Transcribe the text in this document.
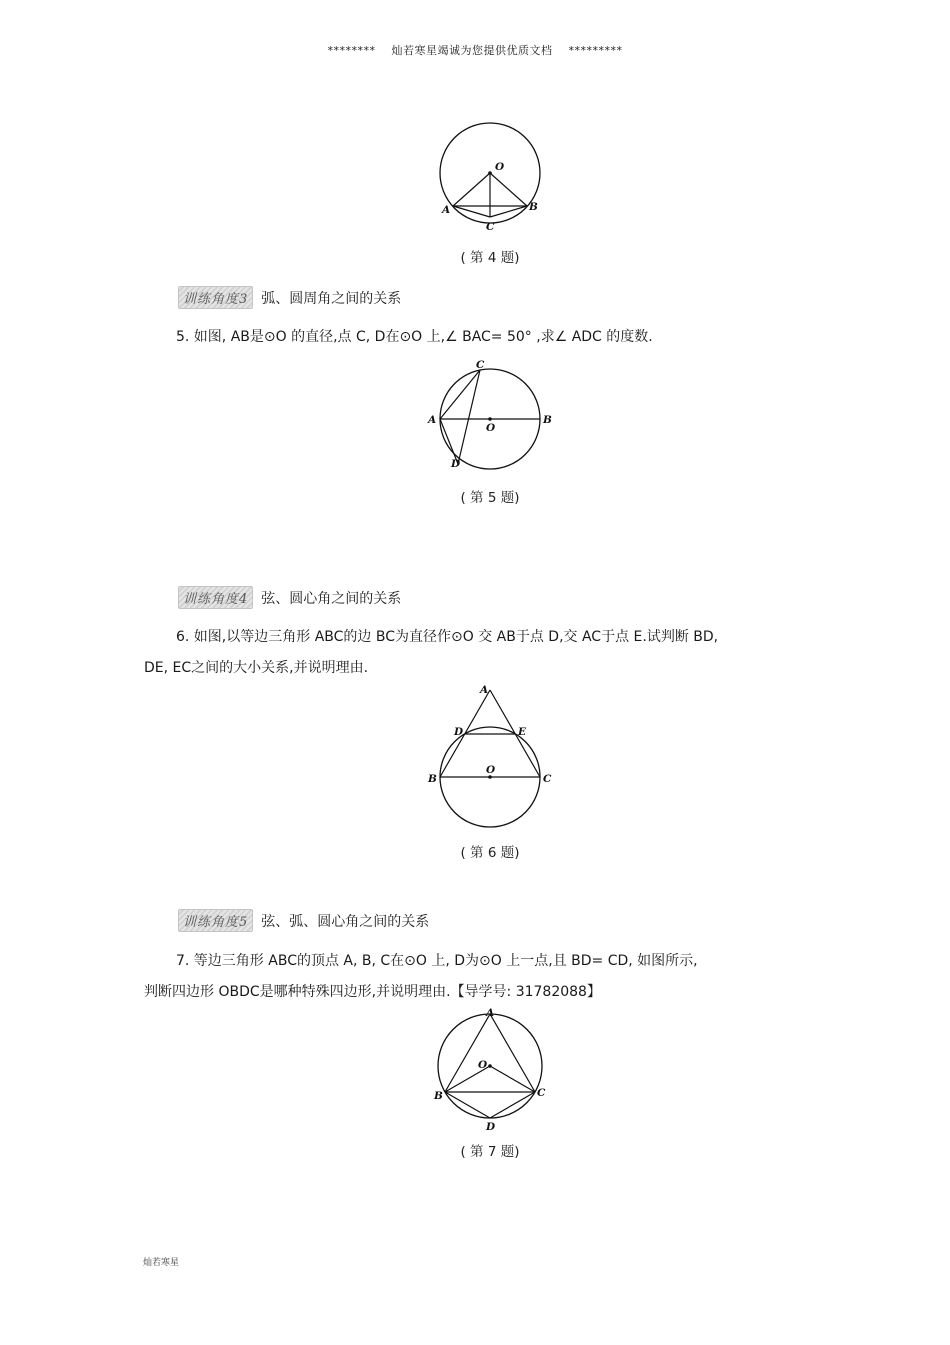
******** 灿若寒星竭诚为您提供优质文档 *********
O
A	B
C
( 第 4 题)
训练角度3 弧、圆周角之间的关系

5. 如图, AB是⊙O 的直径,点 C, D在⊙O 上,∠ BAC= 50° ,求∠ ADC 的度数.

C
A	B
O
D
( 第 5 题)
训练角度4 弦、圆心角之间的关系

6. 如图,以等边三角形 ABC的边 BC为直径作⊙O 交 AB于点 D,交 AC于点 E.试判断 BD,

DE, EC之间的大小关系,并说明理由.

A
D	E
B	C
O
( 第 6 题)
训练角度5 弦、弧、圆心角之间的关系

7. 等边三角形 ABC的顶点 A, B, C在⊙O 上, D为⊙O 上一点,且 BD= CD, 如图所示,

判断四边形 OBDC是哪种特殊四边形,并说明理由.【导学号: 31782088】

A
O
B	C
D
( 第 7 题)
灿若寒星
